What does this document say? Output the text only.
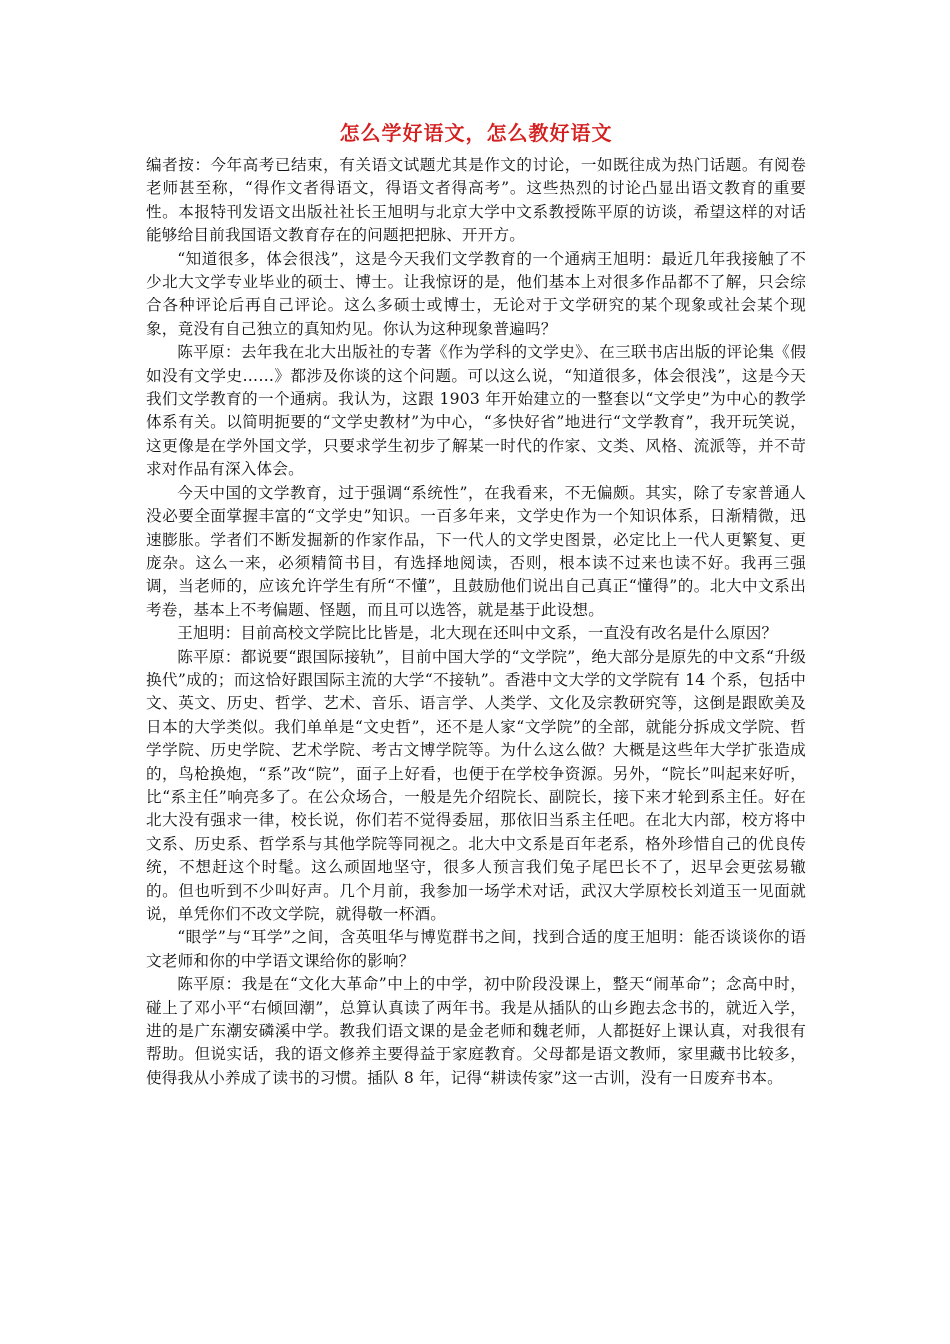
怎么学好语文，怎么教好语文

编者按：今年高考已结束，有关语文试题尤其是作文的讨论，一如既往成为热门话题。有阅卷老师甚至称，“得作文者得语文，得语文者得高考”。这些热烈的讨论凸显出语文教育的重要性。本报特刊发语文出版社社长王旭明与北京大学中文系教授陈平原的访谈，希望这样的对话能够给目前我国语文教育存在的问题把把脉、开开方。

“知道很多，体会很浅”，这是今天我们文学教育的一个通病王旭明：最近几年我接触了不少北大文学专业毕业的硕士、博士。让我惊讶的是，他们基本上对很多作品都不了解，只会综合各种评论后再自己评论。这么多硕士或博士，无论对于文学研究的某个现象或社会某个现象，竟没有自己独立的真知灼见。你认为这种现象普遍吗？

陈平原：去年我在北大出版社的专著《作为学科的文学史》、在三联书店出版的评论集《假如没有文学史……》都涉及你谈的这个问题。可以这么说，“知道很多，体会很浅”，这是今天我们文学教育的一个通病。我认为，这跟 1903 年开始建立的一整套以“文学史”为中心的教学体系有关。以简明扼要的“文学史教材”为中心，“多快好省”地进行“文学教育”，我开玩笑说，这更像是在学外国文学，只要求学生初步了解某一时代的作家、文类、风格、流派等，并不苛求对作品有深入体会。

今天中国的文学教育，过于强调“系统性”，在我看来，不无偏颇。其实，除了专家普通人没必要全面掌握丰富的“文学史”知识。一百多年来，文学史作为一个知识体系，日渐精微，迅速膨胀。学者们不断发掘新的作家作品，下一代人的文学史图景，必定比上一代人更繁复、更庞杂。这么一来，必须精简书目，有选择地阅读，否则，根本读不过来也读不好。我再三强调，当老师的，应该允许学生有所“不懂”，且鼓励他们说出自己真正“懂得”的。北大中文系出考卷，基本上不考偏题、怪题，而且可以选答，就是基于此设想。

王旭明：目前高校文学院比比皆是，北大现在还叫中文系，一直没有改名是什么原因？

陈平原：都说要“跟国际接轨”，目前中国大学的“文学院”，绝大部分是原先的中文系“升级换代”成的；而这恰好跟国际主流的大学“不接轨”。香港中文大学的文学院有 14 个系，包括中文、英文、历史、哲学、艺术、音乐、语言学、人类学、文化及宗教研究等，这倒是跟欧美及日本的大学类似。我们单单是“文史哲”，还不是人家“文学院”的全部，就能分拆成文学院、哲学学院、历史学院、艺术学院、考古文博学院等。为什么这么做？大概是这些年大学扩张造成的，鸟枪换炮，“系”改“院”，面子上好看，也便于在学校争资源。另外，“院长”叫起来好听，比“系主任”响亮多了。在公众场合，一般是先介绍院长、副院长，接下来才轮到系主任。好在北大没有强求一律，校长说，你们若不觉得委屈，那依旧当系主任吧。在北大内部，校方将中文系、历史系、哲学系与其他学院等同视之。北大中文系是百年老系，格外珍惜自己的优良传统，不想赶这个时髦。这么顽固地坚守，很多人预言我们兔子尾巴长不了，迟早会更弦易辙的。但也听到不少叫好声。几个月前，我参加一场学术对话，武汉大学原校长刘道玉一见面就说，单凭你们不改文学院，就得敬一杯酒。

“眼学”与“耳学”之间，含英咀华与博览群书之间，找到合适的度王旭明：能否谈谈你的语文老师和你的中学语文课给你的影响？

陈平原：我是在“文化大革命”中上的中学，初中阶段没课上，整天“闹革命”；念高中时，碰上了邓小平“右倾回潮”，总算认真读了两年书。我是从插队的山乡跑去念书的，就近入学，进的是广东潮安磷溪中学。教我们语文课的是金老师和魏老师，人都挺好上课认真，对我很有帮助。但说实话，我的语文修养主要得益于家庭教育。父母都是语文教师，家里藏书比较多，使得我从小养成了读书的习惯。插队 8 年，记得“耕读传家”这一古训，没有一日废弃书本。
